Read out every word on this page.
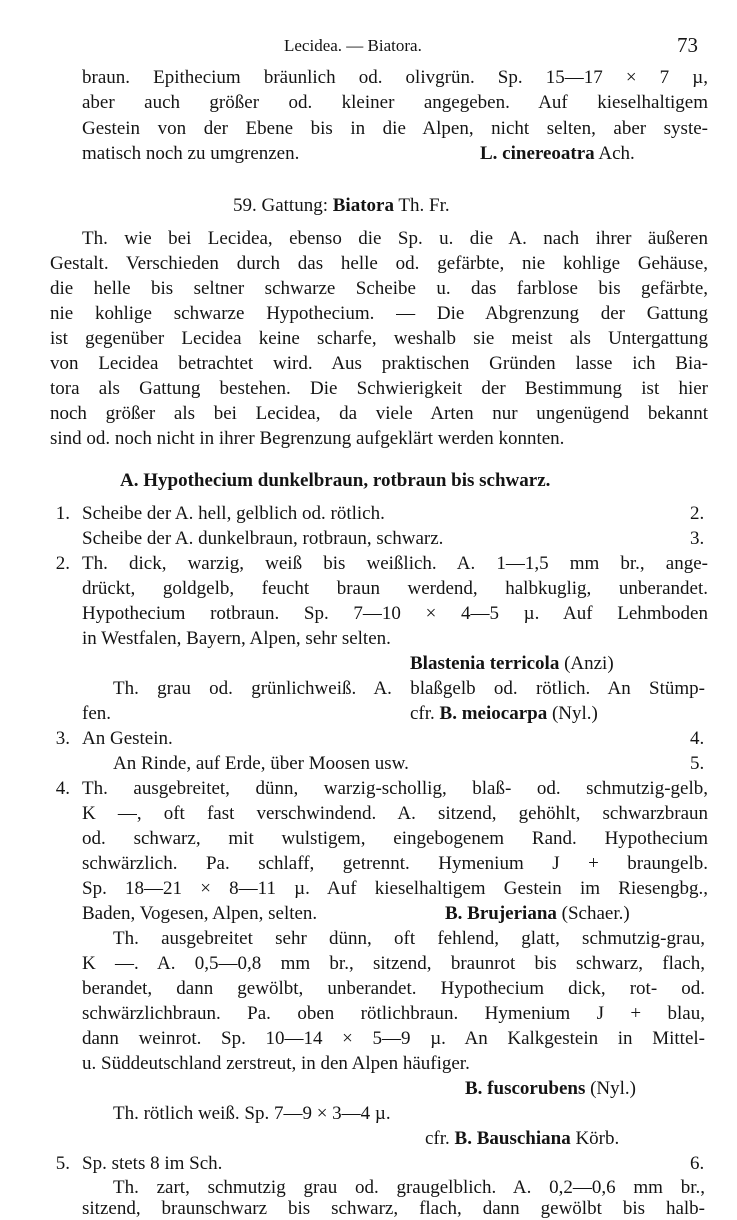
Lecidea. — Biatora.	73
braun. Epithecium bräunlich od. olivgrün. Sp. 15—17 × 7 µ,
aber auch größer od. kleiner angegeben. Auf kieselhaltigem
Gestein von der Ebene bis in die Alpen, nicht selten, aber syste-
matisch noch zu umgrenzen.	L. cinereoatra Ach.
59. Gattung: Biatora Th. Fr.
Th. wie bei Lecidea, ebenso die Sp. u. die A. nach ihrer äußeren
Gestalt. Verschieden durch das helle od. gefärbte, nie kohlige Gehäuse,
die helle bis seltner schwarze Scheibe u. das farblose bis gefärbte,
nie kohlige schwarze Hypothecium. — Die Abgrenzung der Gattung
ist gegenüber Lecidea keine scharfe, weshalb sie meist als Untergattung
von Lecidea betrachtet wird. Aus praktischen Gründen lasse ich Bia-
tora als Gattung bestehen. Die Schwierigkeit der Bestimmung ist hier
noch größer als bei Lecidea, da viele Arten nur ungenügend bekannt
sind od. noch nicht in ihrer Begrenzung aufgeklärt werden konnten.
A. Hypothecium dunkelbraun, rotbraun bis schwarz.
1. Scheibe der A. hell, gelblich od. rötlich.	2.
Scheibe der A. dunkelbraun, rotbraun, schwarz.	3.
2. Th. dick, warzig, weiß bis weißlich. A. 1—1,5 mm br., ange-
drückt, goldgelb, feucht braun werdend, halbkuglig, unberandet.
Hypothecium rotbraun. Sp. 7—10 × 4—5 µ. Auf Lehmboden
in Westfalen, Bayern, Alpen, sehr selten.
Blastenia terricola (Anzi)
Th. grau od. grünlichweiß. A. blaßgelb od. rötlich. An Stümp-
fen.	cfr. B. meiocarpa (Nyl.)
3. An Gestein.	4.
An Rinde, auf Erde, über Moosen usw.	5.
4. Th. ausgebreitet, dünn, warzig-schollig, blaß- od. schmutzig-gelb,
K —, oft fast verschwindend. A. sitzend, gehöhlt, schwarzbraun
od. schwarz, mit wulstigem, eingebogenem Rand. Hypothecium
schwärzlich. Pa. schlaff, getrennt. Hymenium J + braungelb.
Sp. 18—21 × 8—11 µ. Auf kieselhaltigem Gestein im Riesengbg.,
Baden, Vogesen, Alpen, selten.	B. Brujeriana (Schaer.)
Th. ausgebreitet sehr dünn, oft fehlend, glatt, schmutzig-grau,
K —. A. 0,5—0,8 mm br., sitzend, braunrot bis schwarz, flach,
berandet, dann gewölbt, unberandet. Hypothecium dick, rot- od.
schwärzlichbraun. Pa. oben rötlichbraun. Hymenium J + blau,
dann weinrot. Sp. 10—14 × 5—9 µ. An Kalkgestein in Mittel-
u. Süddeutschland zerstreut, in den Alpen häufiger.
B. fuscorubens (Nyl.)
Th. rötlich weiß. Sp. 7—9 × 3—4 µ.
cfr. B. Bauschiana Körb.
5. Sp. stets 8 im Sch.	6.
Th. zart, schmutzig grau od. graugelblich. A. 0,2—0,6 mm br.,
sitzend, braunschwarz bis schwarz, flach, dann gewölbt bis halb-
